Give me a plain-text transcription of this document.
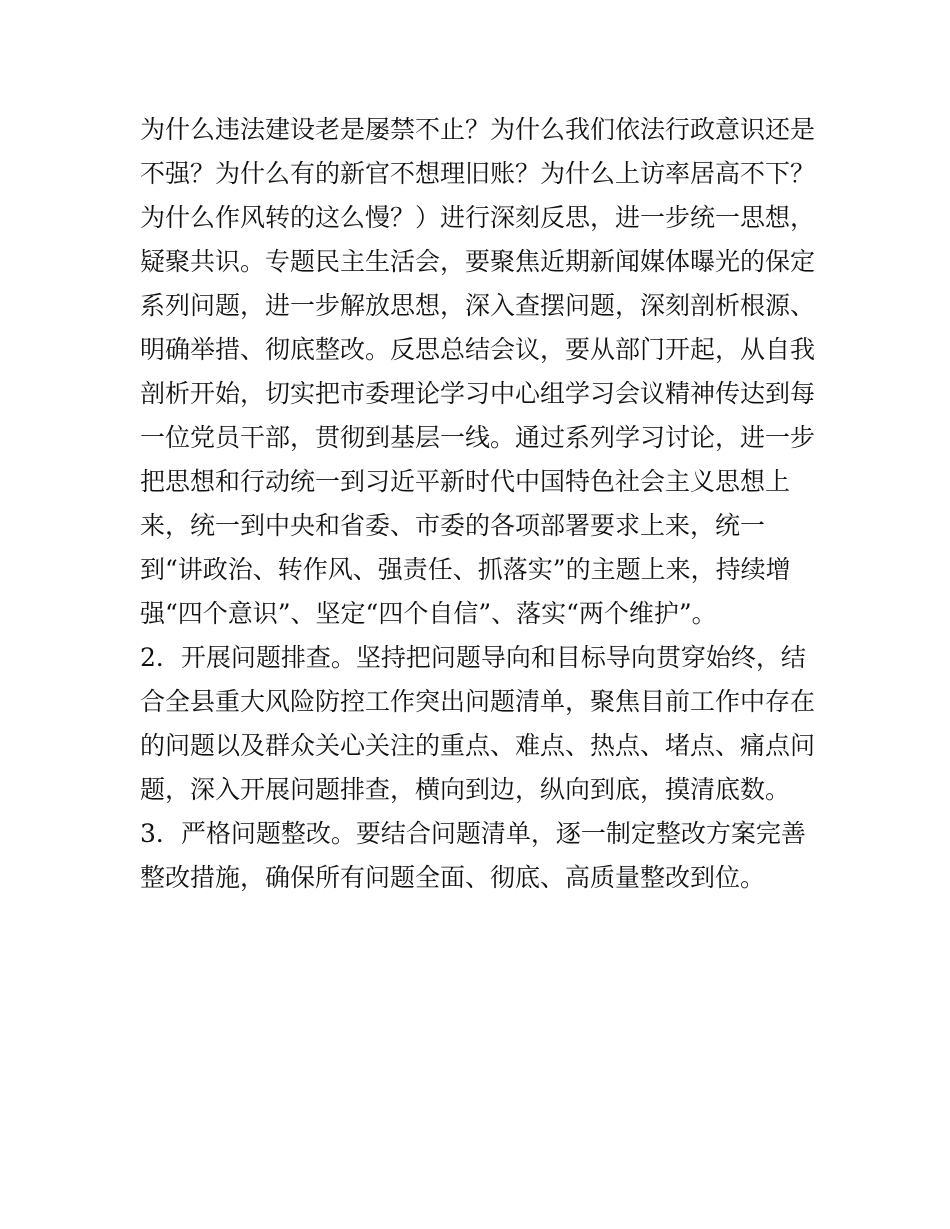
为什么违法建设老是屡禁不止？为什么我们依法行政意识还是
不强？为什么有的新官不想理旧账？为什么上访率居高不下？
为什么作风转的这么慢？）进行深刻反思，进一步统一思想，
疑聚共识。专题民主生活会，要聚焦近期新闻媒体曝光的保定
系列问题，进一步解放思想，深入查摆问题，深刻剖析根源、
明确举措、彻底整改。反思总结会议，要从部门开起，从自我
剖析开始，切实把市委理论学习中心组学习会议精神传达到每
一位党员干部，贯彻到基层一线。通过系列学习讨论，进一步
把思想和行动统一到习近平新时代中国特色社会主义思想上
来，统一到中央和省委、市委的各项部署要求上来，统一
到“讲政治、转作风、强责任、抓落实”的主题上来，持续增
强“四个意识”、坚定“四个自信”、落实“两个维护”。
2．开展问题排查。坚持把问题导向和目标导向贯穿始终，结
合全县重大风险防控工作突出问题清单，聚焦目前工作中存在
的问题以及群众关心关注的重点、难点、热点、堵点、痛点问
题，深入开展问题排查，横向到边，纵向到底，摸清底数。
3．严格问题整改。要结合问题清单，逐一制定整改方案完善
整改措施，确保所有问题全面、彻底、高质量整改到位。
